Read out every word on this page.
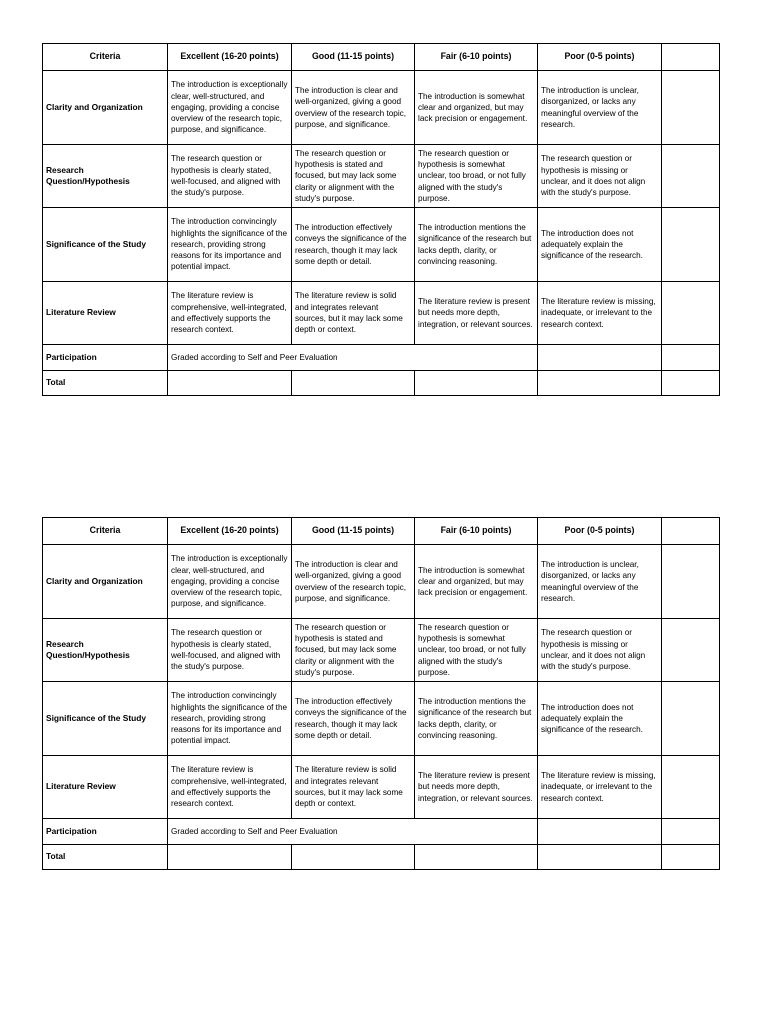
Criteria	Excellent (16-20 points)	Good (11-15 points)	Fair (6-10 points)	Poor (0-5 points)	
Clarity and Organization	The introduction is exceptionally clear, well-structured, and engaging, providing a concise overview of the research topic, purpose, and significance.	The introduction is clear and well-organized, giving a good overview of the research topic, purpose, and significance.	The introduction is somewhat clear and organized, but may lack precision or engagement.	The introduction is unclear, disorganized, or lacks any meaningful overview of the research.	
Research Question/Hypothesis	The research question or hypothesis is clearly stated, well-focused, and aligned with the study's purpose.	The research question or hypothesis is stated and focused, but may lack some clarity or alignment with the study's purpose.	The research question or hypothesis is somewhat unclear, too broad, or not fully aligned with the study's purpose.	The research question or hypothesis is missing or unclear, and it does not align with the study's purpose.	
Significance of the Study	The introduction convincingly highlights the significance of the research, providing strong reasons for its importance and potential impact.	The introduction effectively conveys the significance of the research, though it may lack some depth or detail.	The introduction mentions the significance of the research but lacks depth, clarity, or convincing reasoning.	The introduction does not adequately explain the significance of the research.	
Literature Review	The literature review is comprehensive, well-integrated, and effectively supports the research context.	The literature review is solid and integrates relevant sources, but it may lack some depth or context.	The literature review is present but needs more depth, integration, or relevant sources.	The literature review is missing, inadequate, or irrelevant to the research context.	
Participation	Graded according to Self and Peer Evaluation				
Total					
Criteria	Excellent (16-20 points)	Good (11-15 points)	Fair (6-10 points)	Poor (0-5 points)	
Clarity and Organization	The introduction is exceptionally clear, well-structured, and engaging, providing a concise overview of the research topic, purpose, and significance.	The introduction is clear and well-organized, giving a good overview of the research topic, purpose, and significance.	The introduction is somewhat clear and organized, but may lack precision or engagement.	The introduction is unclear, disorganized, or lacks any meaningful overview of the research.	
Research Question/Hypothesis	The research question or hypothesis is clearly stated, well-focused, and aligned with the study's purpose.	The research question or hypothesis is stated and focused, but may lack some clarity or alignment with the study's purpose.	The research question or hypothesis is somewhat unclear, too broad, or not fully aligned with the study's purpose.	The research question or hypothesis is missing or unclear, and it does not align with the study's purpose.	
Significance of the Study	The introduction convincingly highlights the significance of the research, providing strong reasons for its importance and potential impact.	The introduction effectively conveys the significance of the research, though it may lack some depth or detail.	The introduction mentions the significance of the research but lacks depth, clarity, or convincing reasoning.	The introduction does not adequately explain the significance of the research.	
Literature Review	The literature review is comprehensive, well-integrated, and effectively supports the research context.	The literature review is solid and integrates relevant sources, but it may lack some depth or context.	The literature review is present but needs more depth, integration, or relevant sources.	The literature review is missing, inadequate, or irrelevant to the research context.	
Participation	Graded according to Self and Peer Evaluation				
Total					
